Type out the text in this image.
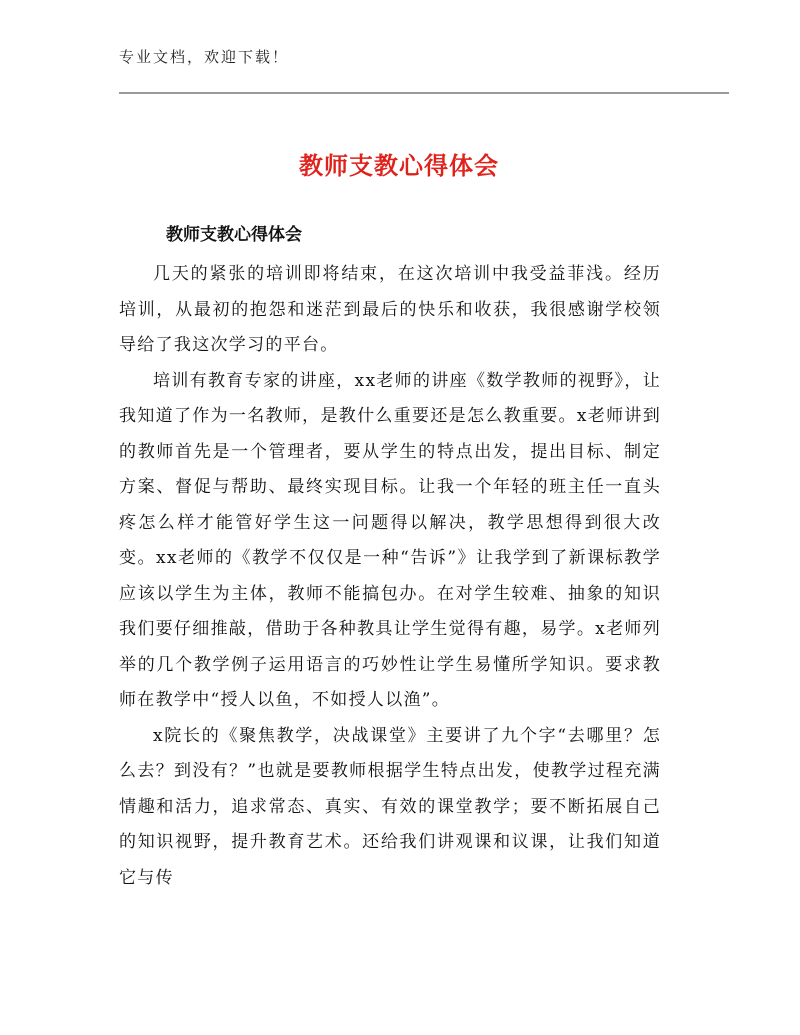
专业文档，欢迎下载！
教师支教心得体会
教师支教心得体会

几天的紧张的培训即将结束，在这次培训中我受益菲浅。经历培训，从最初的抱怨和迷茫到最后的快乐和收获，我很感谢学校领导给了我这次学习的平台。

培训有教育专家的讲座，xx老师的讲座《数学教师的视野》，让我知道了作为一名教师，是教什么重要还是怎么教重要。x老师讲到的教师首先是一个管理者，要从学生的特点出发，提出目标、制定方案、督促与帮助、最终实现目标。让我一个年轻的班主任一直头疼怎么样才能管好学生这一问题得以解决，教学思想得到很大改变。xx老师的《教学不仅仅是一种“告诉”》让我学到了新课标教学应该以学生为主体，教师不能搞包办。在对学生较难、抽象的知识我们要仔细推敲，借助于各种教具让学生觉得有趣，易学。x老师列举的几个教学例子运用语言的巧妙性让学生易懂所学知识。要求教师在教学中“授人以鱼，不如授人以渔”。

x院长的《聚焦教学，决战课堂》主要讲了九个字“去哪里？怎么去？到没有？”也就是要教师根据学生特点出发，使教学过程充满情趣和活力，追求常态、真实、有效的课堂教学；要不断拓展自己的知识视野，提升教育艺术。还给我们讲观课和议课，让我们知道它与传
